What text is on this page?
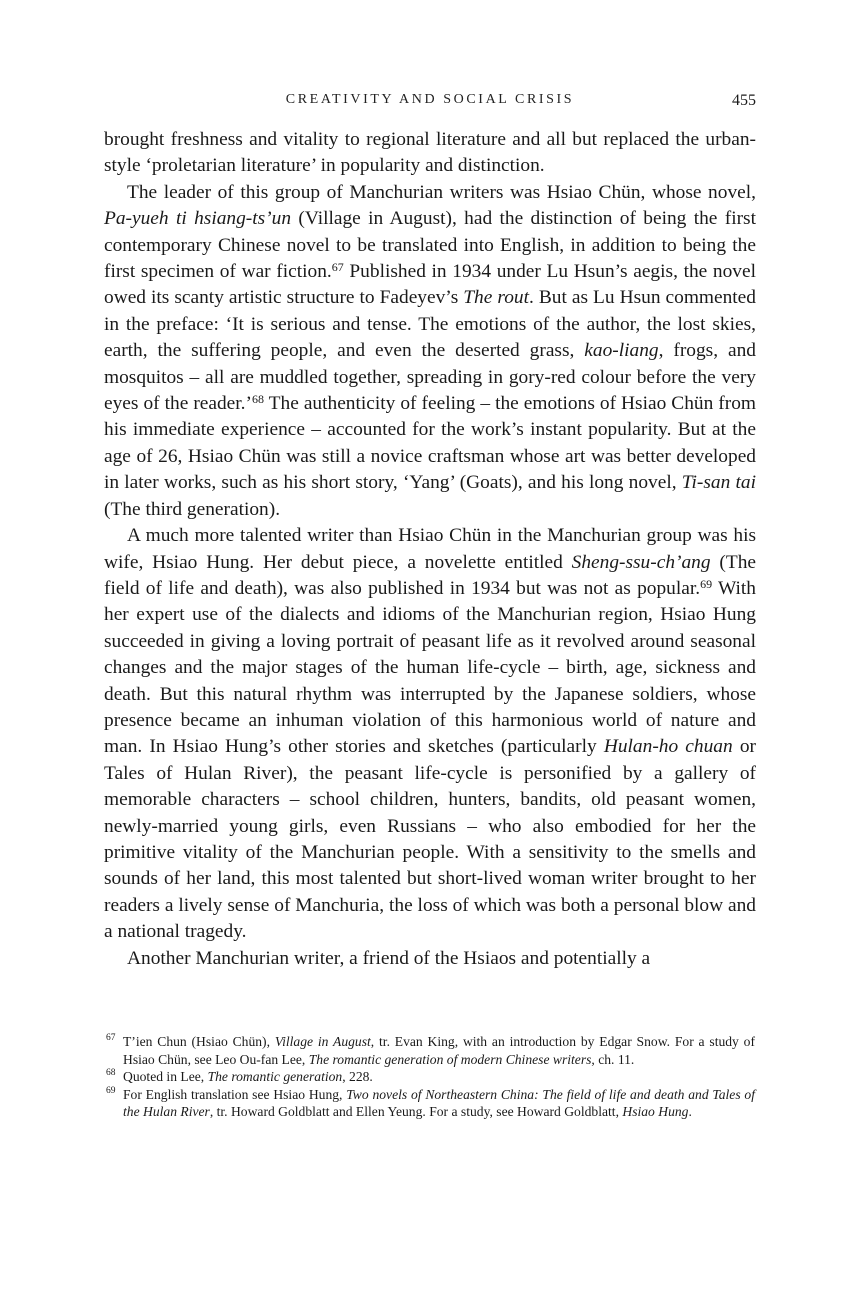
CREATIVITY AND SOCIAL CRISIS	455

brought freshness and vitality to regional literature and all but replaced the urban-style ‘proletarian literature’ in popularity and distinction.

The leader of this group of Manchurian writers was Hsiao Chün, whose novel, Pa-yueh ti hsiang-ts’un (Village in August), had the distinction of being the first contemporary Chinese novel to be translated into English, in addition to being the first specimen of war fiction.$^{67}$ Published in 1934 under Lu Hsun’s aegis, the novel owed its scanty artistic structure to Fadeyev’s The rout. But as Lu Hsun commented in the preface: ‘It is serious and tense. The emotions of the author, the lost skies, earth, the suffering people, and even the deserted grass, kao-liang, frogs, and mosquitos – all are muddled together, spreading in gory-red colour before the very eyes of the reader.’$^{68}$ The authenticity of feeling – the emotions of Hsiao Chün from his immediate experience – accounted for the work’s instant popularity. But at the age of 26, Hsiao Chün was still a novice craftsman whose art was better developed in later works, such as his short story, ‘Yang’ (Goats), and his long novel, Ti-san tai (The third generation).

A much more talented writer than Hsiao Chün in the Manchurian group was his wife, Hsiao Hung. Her debut piece, a novelette entitled Sheng-ssu-ch’ang (The field of life and death), was also published in 1934 but was not as popular.$^{69}$ With her expert use of the dialects and idioms of the Manchurian region, Hsiao Hung succeeded in giving a loving portrait of peasant life as it revolved around seasonal changes and the major stages of the human life-cycle – birth, age, sickness and death. But this natural rhythm was interrupted by the Japanese soldiers, whose presence became an inhuman violation of this harmonious world of nature and man. In Hsiao Hung’s other stories and sketches (particularly Hulan-ho chuan or Tales of Hulan River), the peasant life-cycle is personified by a gallery of memorable characters – school children, hunters, bandits, old peasant women, newly-married young girls, even Russians – who also embodied for her the primitive vitality of the Manchurian people. With a sensitivity to the smells and sounds of her land, this most talented but short-lived woman writer brought to her readers a lively sense of Manchuria, the loss of which was both a personal blow and a national tragedy.

Another Manchurian writer, a friend of the Hsiaos and potentially a

67 T’ien Chun (Hsiao Chün), Village in August, tr. Evan King, with an introduction by Edgar Snow. For a study of Hsiao Chün, see Leo Ou-fan Lee, The romantic generation of modern Chinese writers, ch. 11.
68 Quoted in Lee, The romantic generation, 228.
69 For English translation see Hsiao Hung, Two novels of Northeastern China: The field of life and death and Tales of the Hulan River, tr. Howard Goldblatt and Ellen Yeung. For a study, see Howard Goldblatt, Hsiao Hung.
